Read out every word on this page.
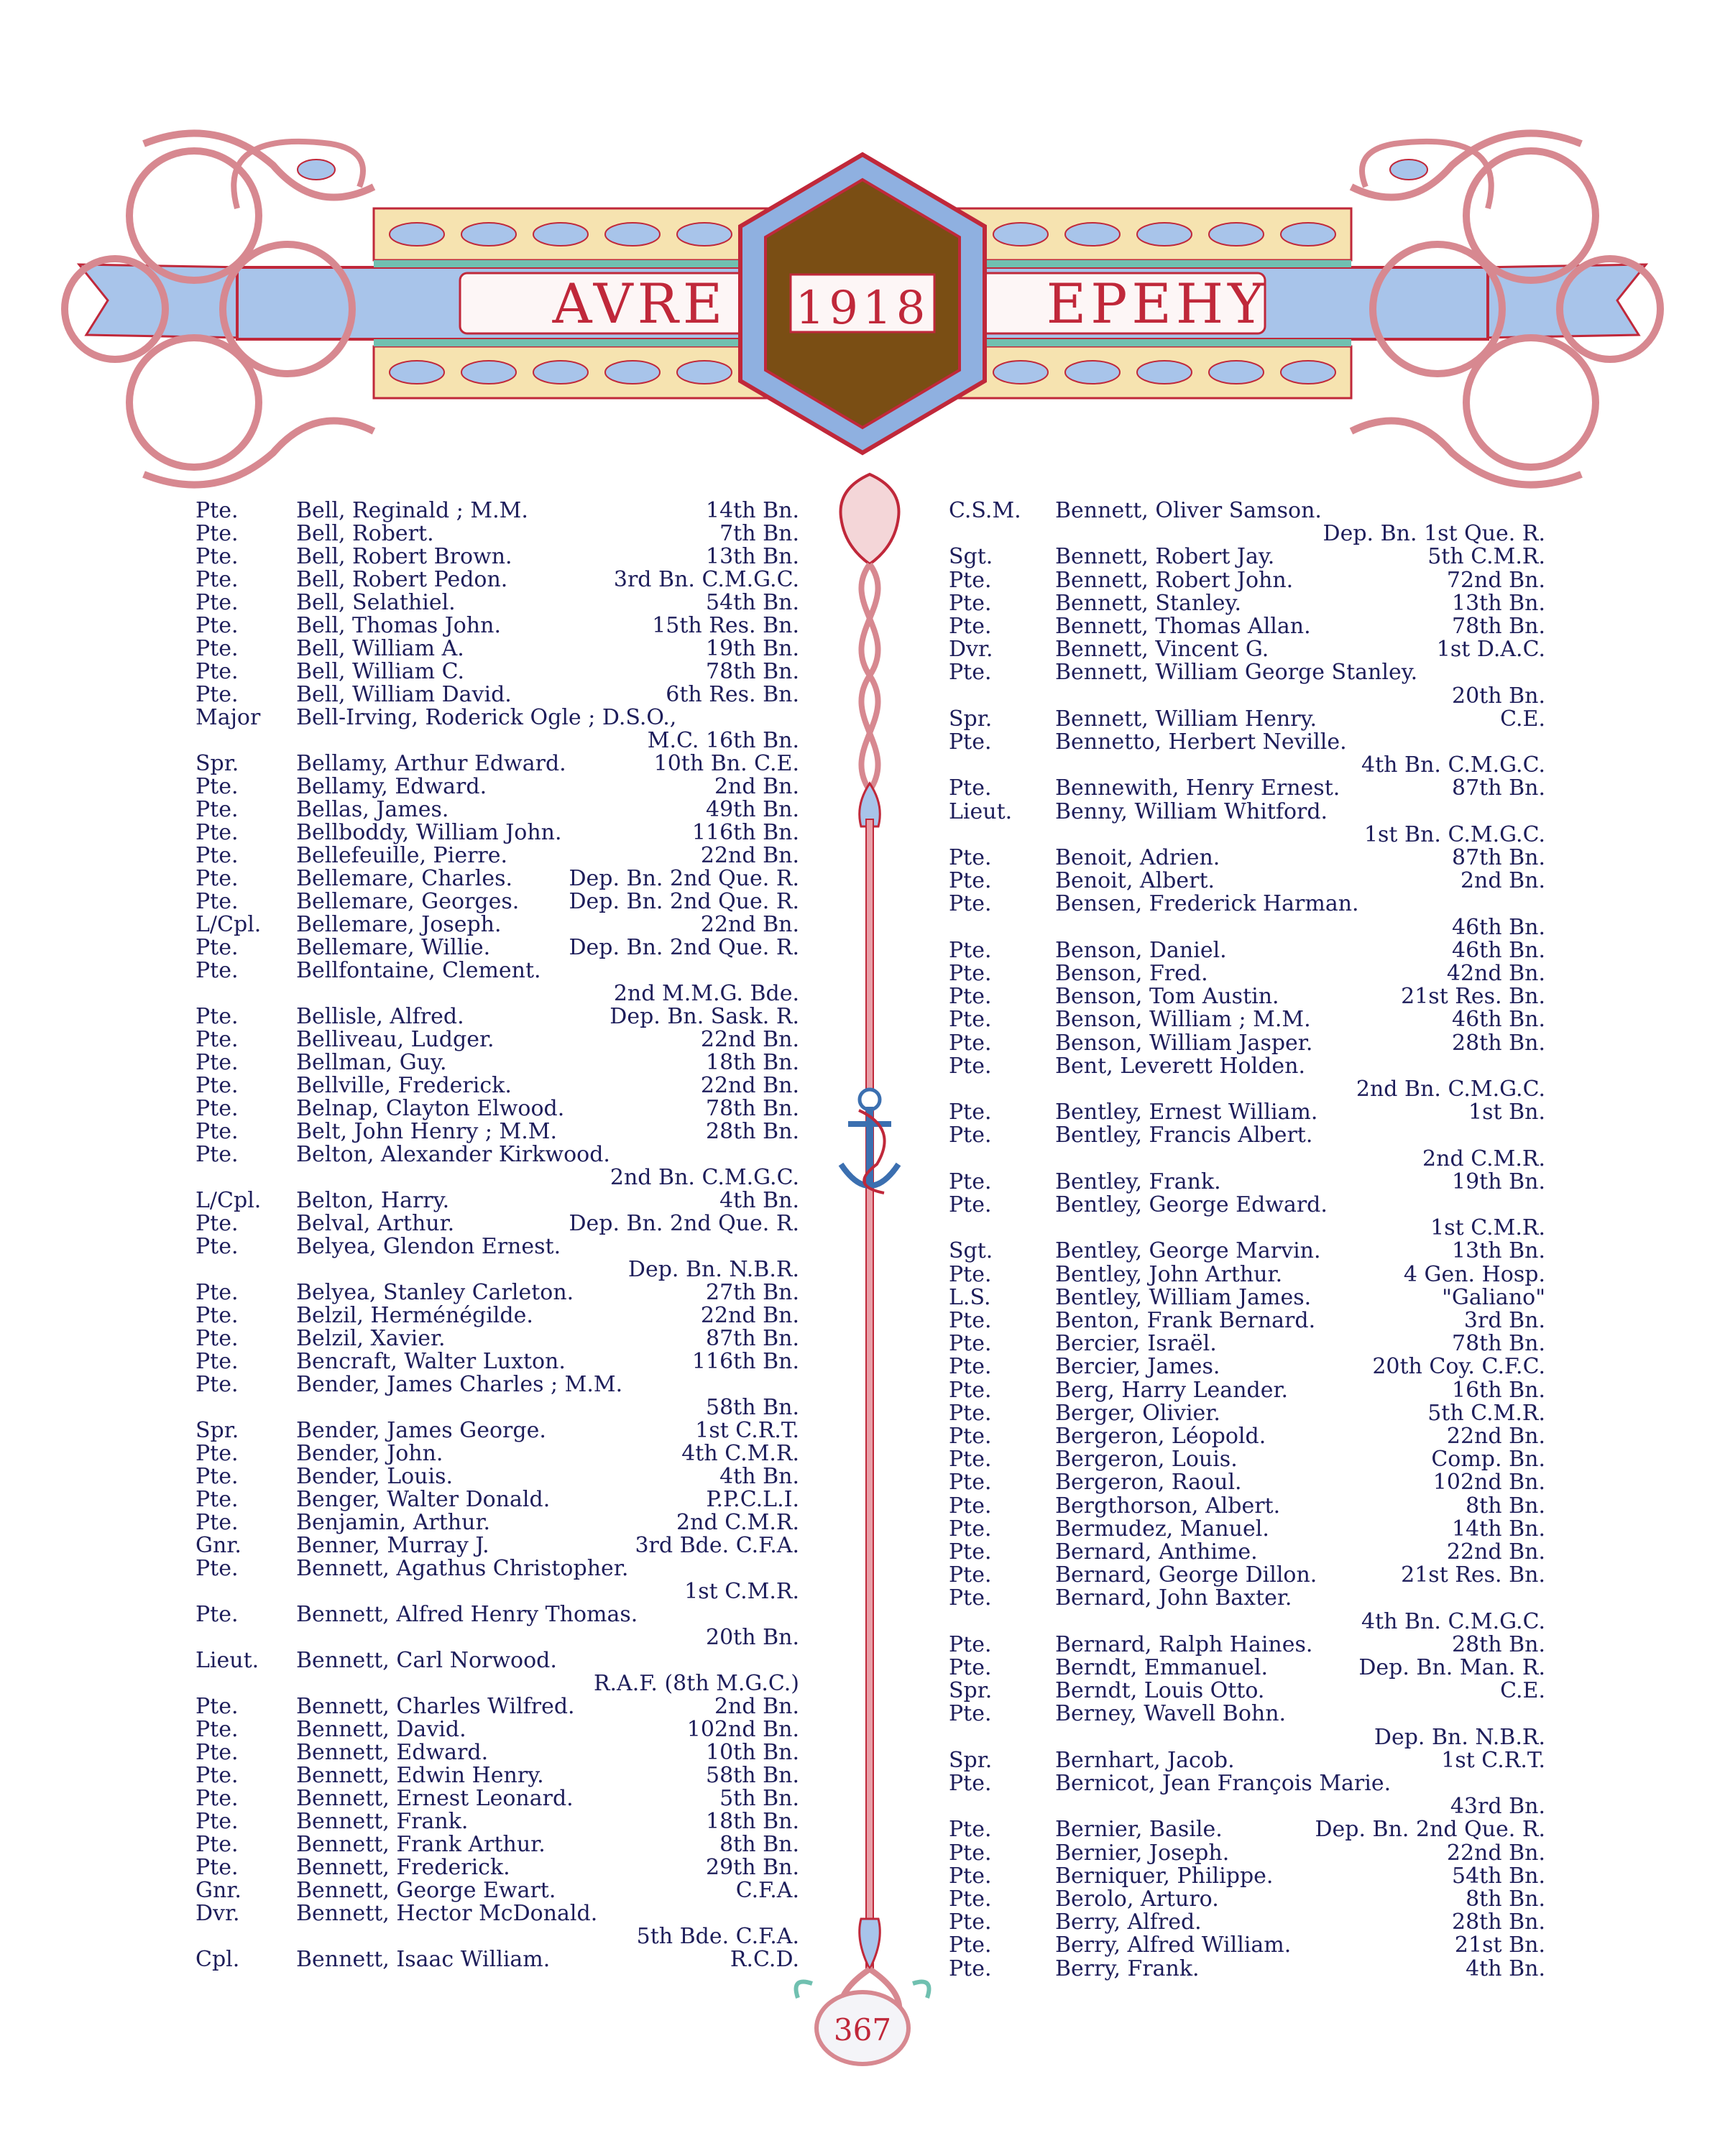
AVRE	1918	EPEHY
367
Pte.	Bell, Reginald ; M.M.	14th Bn.
Pte.	Bell, Robert.	7th Bn.
Pte.	Bell, Robert Brown.	13th Bn.
Pte.	Bell, Robert Pedon.	3rd Bn. C.M.G.C.
Pte.	Bell, Selathiel.	54th Bn.
Pte.	Bell, Thomas John.	15th Res. Bn.
Pte.	Bell, William A.	19th Bn.
Pte.	Bell, William C.	78th Bn.
Pte.	Bell, William David.	6th Res. Bn.
Major Bell-Irving, Roderick Ogle ; D.S.O.,
M.C. 16th Bn.
Spr.	Bellamy, Arthur Edward.	10th Bn. C.E.
Pte.	Bellamy, Edward.	2nd Bn.
Pte.	Bellas, James.	49th Bn.
Pte.	Bellboddy, William John.	116th Bn.
Pte.	Bellefeuille, Pierre.	22nd Bn.
Pte.	Bellemare, Charles.	Dep. Bn. 2nd Que. R.
Pte.	Bellemare, Georges. Dep. Bn. 2nd Que. R.
L/Cpl. Bellemare, Joseph.	22nd Bn.
Pte.	Bellemare, Willie.	Dep. Bn. 2nd Que. R.
Pte.	Bellfontaine, Clement.
2nd M.M.G. Bde.
Pte.	Bellisle, Alfred.	Dep. Bn. Sask. R.
Pte.	Belliveau, Ludger.	22nd Bn.
Pte.	Bellman, Guy.	18th Bn.
Pte.	Bellville, Frederick.	22nd Bn.
Pte.	Belnap, Clayton Elwood.	78th Bn.
Pte.	Belt, John Henry ; M.M.	28th Bn.
Pte.	Belton, Alexander Kirkwood.
2nd Bn. C.M.G.C.
L/Cpl. Belton, Harry.	4th Bn.
Pte.	Belval, Arthur.	Dep. Bn. 2nd Que. R.
Pte.	Belyea, Glendon Ernest.
Dep. Bn. N.B.R.
Pte.	Belyea, Stanley Carleton.	27th Bn.
Pte.	Belzil, Herménégilde.	22nd Bn.
Pte.	Belzil, Xavier.	87th Bn.
Pte.	Bencraft, Walter Luxton.	116th Bn.
Pte.	Bender, James Charles ; M.M.
58th Bn.
Spr.	Bender, James George.	1st C.R.T.
Pte.	Bender, John.	4th C.M.R.
Pte.	Bender, Louis.	4th Bn.
Pte.	Benger, Walter Donald.	P.P.C.L.I.
Pte.	Benjamin, Arthur.	2nd C.M.R.
Gnr.	Benner, Murray J.	3rd Bde. C.F.A.
Pte.	Bennett, Agathus Christopher.
1st C.M.R.
Pte.	Bennett, Alfred Henry Thomas.
20th Bn.
Lieut. Bennett, Carl Norwood.
R.A.F. (8th M.G.C.)
Pte.	Bennett, Charles Wilfred.	2nd Bn.
Pte.	Bennett, David.	102nd Bn.
Pte.	Bennett, Edward.	10th Bn.
Pte.	Bennett, Edwin Henry.	58th Bn.
Pte.	Bennett, Ernest Leonard.	5th Bn.
Pte.	Bennett, Frank.	18th Bn.
Pte.	Bennett, Frank Arthur.	8th Bn.
Pte.	Bennett, Frederick.	29th Bn.
Gnr.	Bennett, George Ewart.	C.F.A.
Dvr.	Bennett, Hector McDonald.
5th Bde. C.F.A.
Cpl.	Bennett, Isaac William.	R.C.D.
C.S.M. Bennett, Oliver Samson.
Dep. Bn. 1st Que. R.
Sgt.	Bennett, Robert Jay.	5th C.M.R.
Pte.	Bennett, Robert John.	72nd Bn.
Pte.	Bennett, Stanley.	13th Bn.
Pte.	Bennett, Thomas Allan.	78th Bn.
Dvr.	Bennett, Vincent G.	1st D.A.C.
Pte.	Bennett, William George Stanley.
20th Bn.
Spr.	Bennett, William Henry.	C.E.
Pte.	Bennetto, Herbert Neville.
4th Bn. C.M.G.C.
Pte.	Bennewith, Henry Ernest.	87th Bn.
Lieut. Benny, William Whitford.
1st Bn. C.M.G.C.
Pte.	Benoit, Adrien.	87th Bn.
Pte.	Benoit, Albert.	2nd Bn.
Pte.	Bensen, Frederick Harman.
46th Bn.
Pte.	Benson, Daniel.	46th Bn.
Pte.	Benson, Fred.	42nd Bn.
Pte.	Benson, Tom Austin.	21st Res. Bn.
Pte.	Benson, William ; M.M.	46th Bn.
Pte.	Benson, William Jasper.	28th Bn.
Pte.	Bent, Leverett Holden.
2nd Bn. C.M.G.C.
Pte.	Bentley, Ernest William.	1st Bn.
Pte.	Bentley, Francis Albert.
2nd C.M.R.
Pte.	Bentley, Frank.	19th Bn.
Pte.	Bentley, George Edward.
1st C.M.R.
Sgt.	Bentley, George Marvin.	13th Bn.
Pte.	Bentley, John Arthur.	4 Gen. Hosp.
L.S.	Bentley, William James.	"Galiano"
Pte.	Benton, Frank Bernard.	3rd Bn.
Pte.	Bercier, Israël.	78th Bn.
Pte.	Bercier, James.	20th Coy. C.F.C.
Pte.	Berg, Harry Leander.	16th Bn.
Pte.	Berger, Olivier.	5th C.M.R.
Pte.	Bergeron, Léopold.	22nd Bn.
Pte.	Bergeron, Louis.	Comp. Bn.
Pte.	Bergeron, Raoul.	102nd Bn.
Pte.	Bergthorson, Albert.	8th Bn.
Pte.	Bermudez, Manuel.	14th Bn.
Pte.	Bernard, Anthime.	22nd Bn.
Pte.	Bernard, George Dillon.	21st Res. Bn.
Pte.	Bernard, John Baxter.
4th Bn. C.M.G.C.
Pte.	Bernard, Ralph Haines.	28th Bn.
Pte.	Berndt, Emmanuel.	Dep. Bn. Man. R.
Spr.	Berndt, Louis Otto.	C.E.
Pte.	Berney, Wavell Bohn.
Dep. Bn. N.B.R.
Spr.	Bernhart, Jacob.	1st C.R.T.
Pte.	Bernicot, Jean François Marie.
43rd Bn.
Pte.	Bernier, Basile.	Dep. Bn. 2nd Que. R.
Pte.	Bernier, Joseph.	22nd Bn.
Pte.	Berniquer, Philippe.	54th Bn.
Pte.	Berolo, Arturo.	8th Bn.
Pte.	Berry, Alfred.	28th Bn.
Pte.	Berry, Alfred William.	21st Bn.
Pte.	Berry, Frank.	4th Bn.
